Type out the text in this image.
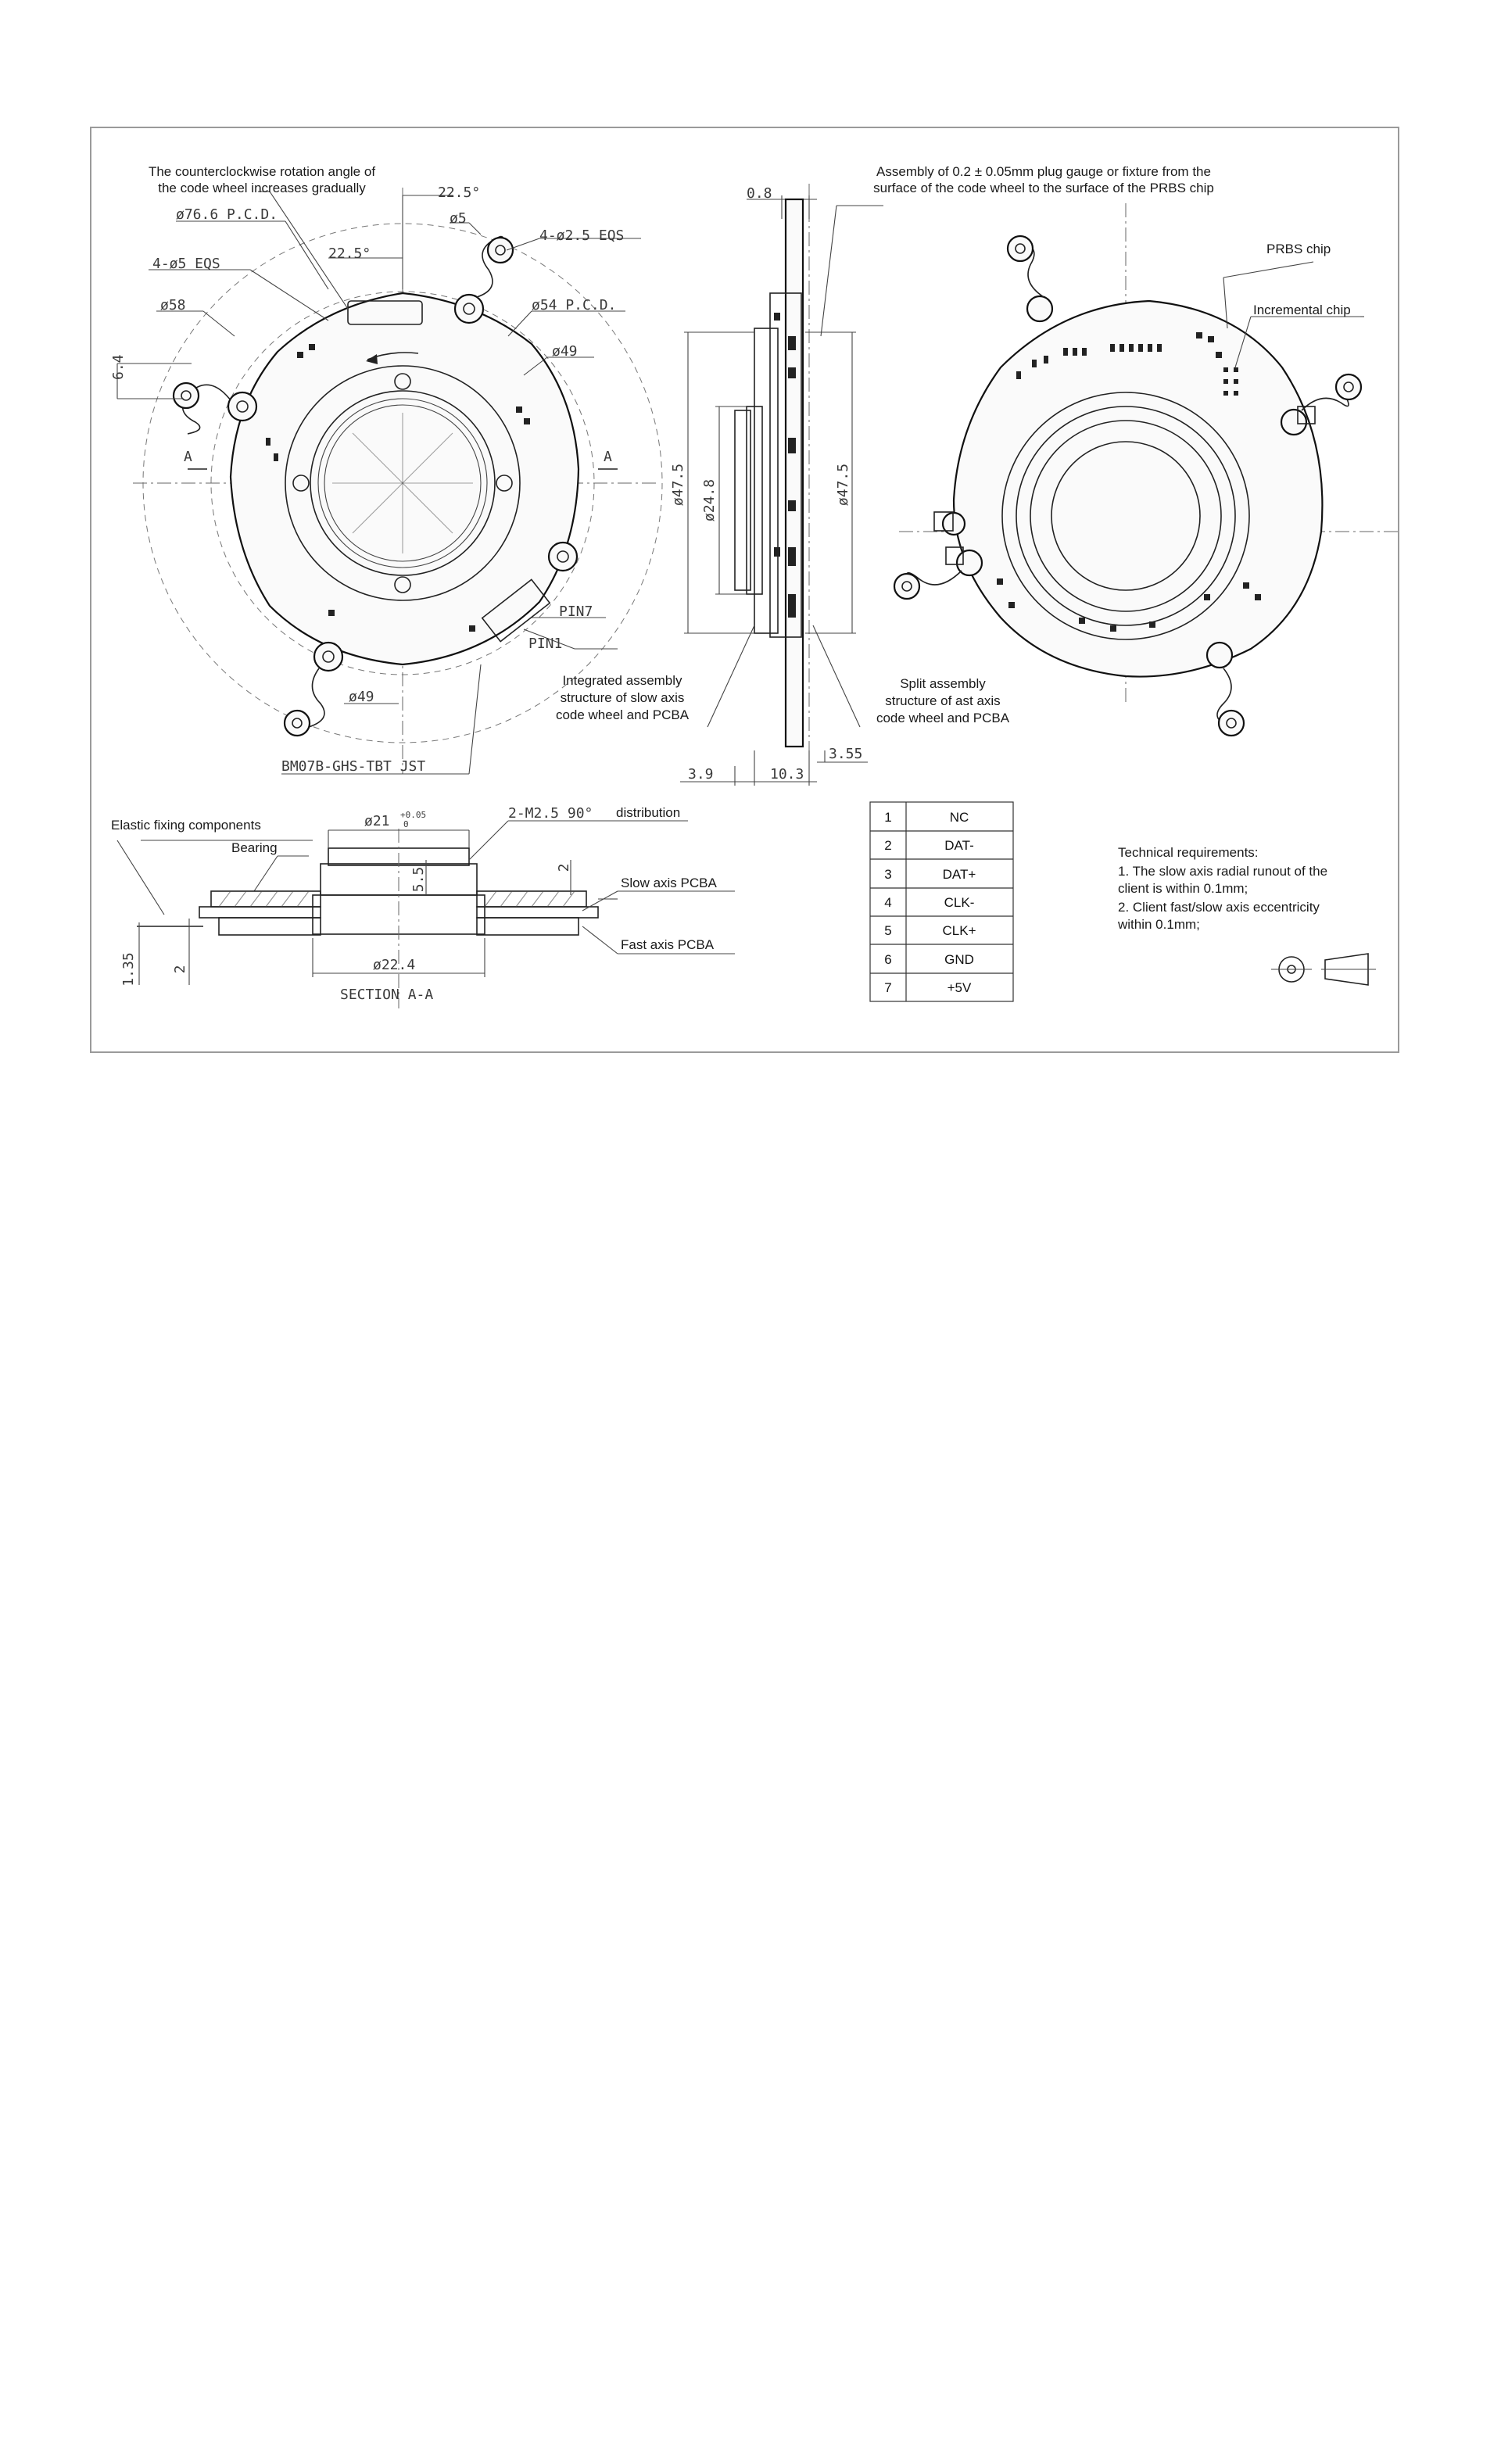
1	NC
2	DAT-
3	DAT+
4	CLK-
5	CLK+
6	GND
7	+5V
The counterclockwise rotation angle of
the code wheel increases gradually
Assembly of 0.2 ± 0.05mm plug gauge or fixture from the
surface of the code wheel to the surface of the PRBS chip
PRBS chip
Incremental chip
Integrated assembly
structure of slow axis
code wheel and PCBA
Split assembly
structure of ast axis
code wheel and PCBA
Elastic fixing components
Bearing
distribution
Slow axis PCBA
Fast axis PCBA
Technical requirements:
1. The slow axis radial runout of the
client is within 0.1mm;
2. Client fast/slow axis eccentricity
within 0.1mm;
22.5°
ø5
4-ø2.5 EQS
ø76.6 P.C.D.
22.5°
4-ø5 EQS
ø58	ø54 P.C.D.
ø49
6.4
A	A
PIN7
PIN1
ø49
BM07B-GHS-TBT JST
0.8
ø47.5 ø24.8	ø47.5
3.9	10.3
3.55
ø21 +0.05
0
2-M2.5 90°
5.5	2
1.35	2	ø22.4
SECTION A-A
